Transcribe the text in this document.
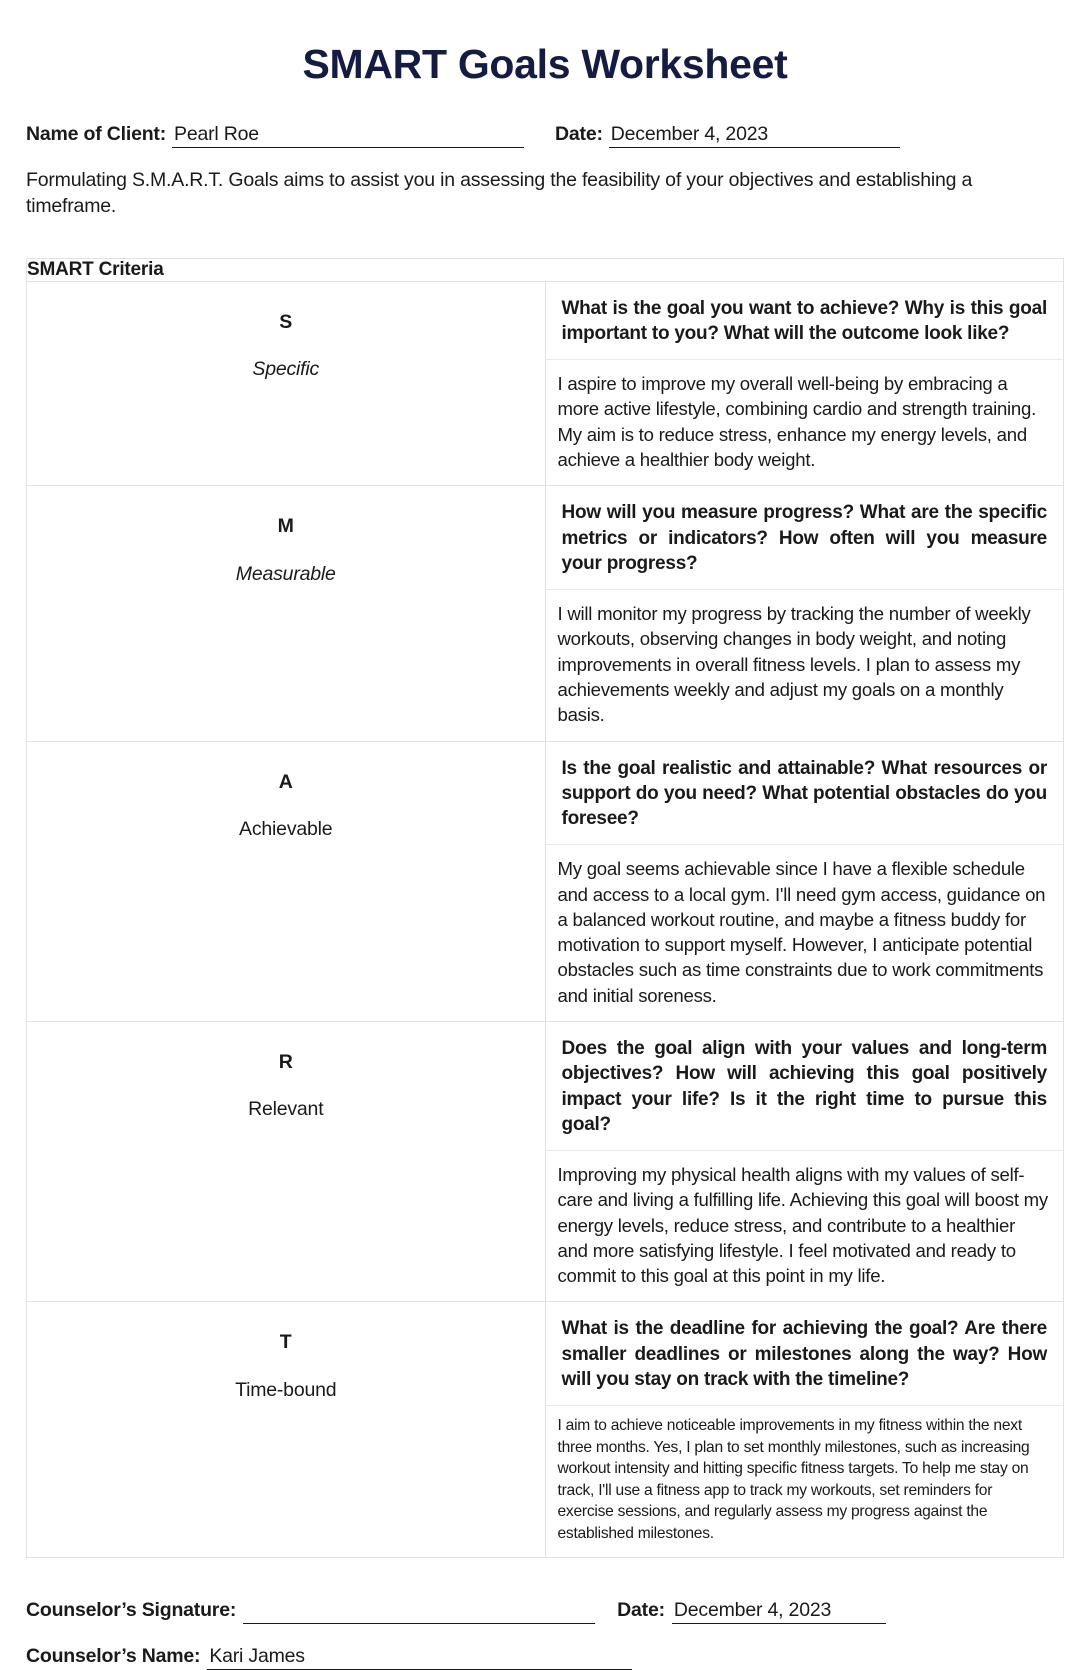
SMART Goals Worksheet
Name of Client: Pearl Roe	Date: December 4, 2023

Formulating S.M.A.R.T. Goals aims to assist you in assessing the feasibility of your objectives and establishing a timeframe.

SMART Criteria	

S
Specific

What is the goal you want to achieve? Why is this goal important to you? What will the outcome look like?
I aspire to improve my overall well-being by embracing a more active lifestyle, combining cardio and strength training. My aim is to reduce stress, enhance my energy levels, and achieve a healthier body weight.

M
Measurable

How will you measure progress? What are the specific metrics or indicators? How often will you measure your progress?
I will monitor my progress by tracking the number of weekly workouts, observing changes in body weight, and noting improvements in overall fitness levels. I plan to assess my achievements weekly and adjust my goals on a monthly basis.

A
Achievable

Is the goal realistic and attainable? What resources or support do you need? What potential obstacles do you foresee?
My goal seems achievable since I have a flexible schedule and access to a local gym. I'll need gym access, guidance on a balanced workout routine, and maybe a fitness buddy for motivation to support myself. However, I anticipate potential obstacles such as time constraints due to work commitments and initial soreness.

R
Relevant

Does the goal align with your values and long-term objectives? How will achieving this goal positively impact your life? Is it the right time to pursue this goal?
Improving my physical health aligns with my values of self-care and living a fulfilling life. Achieving this goal will boost my energy levels, reduce stress, and contribute to a healthier and more satisfying lifestyle. I feel motivated and ready to commit to this goal at this point in my life.

T
Time-bound

What is the deadline for achieving the goal? Are there smaller deadlines or milestones along the way? How will you stay on track with the timeline?
I aim to achieve noticeable improvements in my fitness within the next three months. Yes, I plan to set monthly milestones, such as increasing workout intensity and hitting specific fitness targets. To help me stay on track, I'll use a fitness app to track my workouts, set reminders for exercise sessions, and regularly assess my progress against the established milestones.
Counselor’s Signature:
	Date: December 4, 2023
Counselor’s Name: Kari James
